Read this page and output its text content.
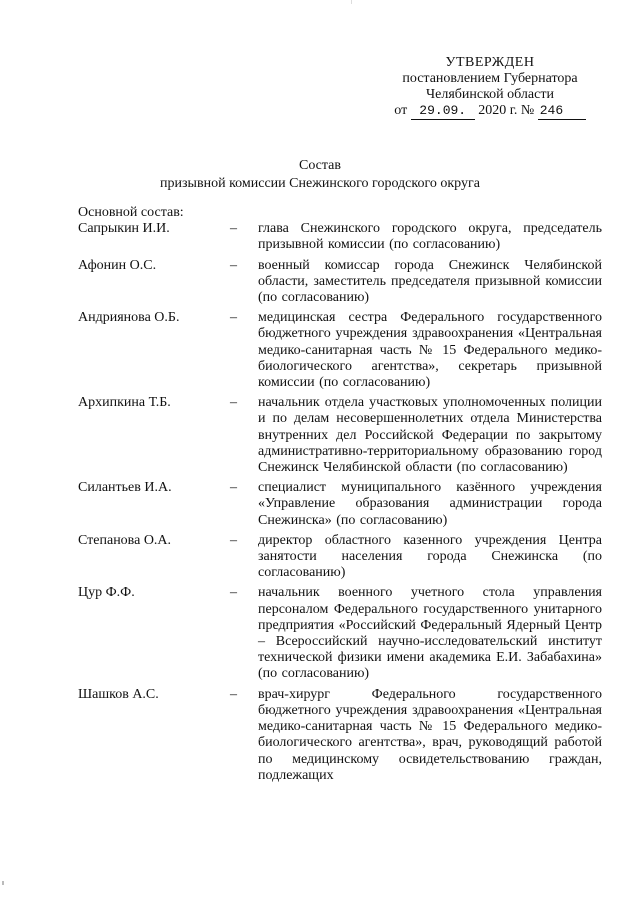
УТВЕРЖДЕН
постановлением Губернатора
Челябинской области
от 29.09. 2020 г. № 246
Состав
призывной комиссии Снежинского городского округа
Основной состав:
Сапрыкин И.И.	–	глава Снежинского городского округа, председатель призывной комиссии (по согласованию)
Афонин О.С.	–	военный комиссар города Снежинск Челябинской области, заместитель председателя призывной комиссии (по согласованию)
Андриянова О.Б.	–	медицинская сестра Федерального государственного бюджетного учреждения здравоохранения «Центральная медико-санитарная часть № 15 Федерального медико-биологического агентства», секретарь призывной комиссии (по согласованию)
Архипкина Т.Б.	–	начальник отдела участковых уполномоченных полиции и по делам несовершеннолетних отдела Министерства внутренних дел Российской Федерации по закрытому административно-территориальному образованию город Снежинск Челябинской области (по согласованию)
Силантьев И.А.	–	специалист муниципального казённого учреждения «Управление образования администрации города Снежинска» (по согласованию)
Степанова О.А.	–	директор областного казенного учреждения Центра занятости населения города Снежинска (по согласованию)
Цур Ф.Ф.	–	начальник военного учетного стола управления персоналом Федерального государственного унитарного предприятия «Российский Федеральный Ядерный Центр – Всероссийский научно-исследовательский институт технической физики имени академика Е.И. Забабахина» (по согласованию)
Шашков А.С.	–	врач-хирург Федерального государственного бюджетного учреждения здравоохранения «Центральная медико-санитарная часть № 15 Федерального медико-биологического агентства», врач, руководящий работой по медицинскому освидетельствованию граждан, подлежащих
